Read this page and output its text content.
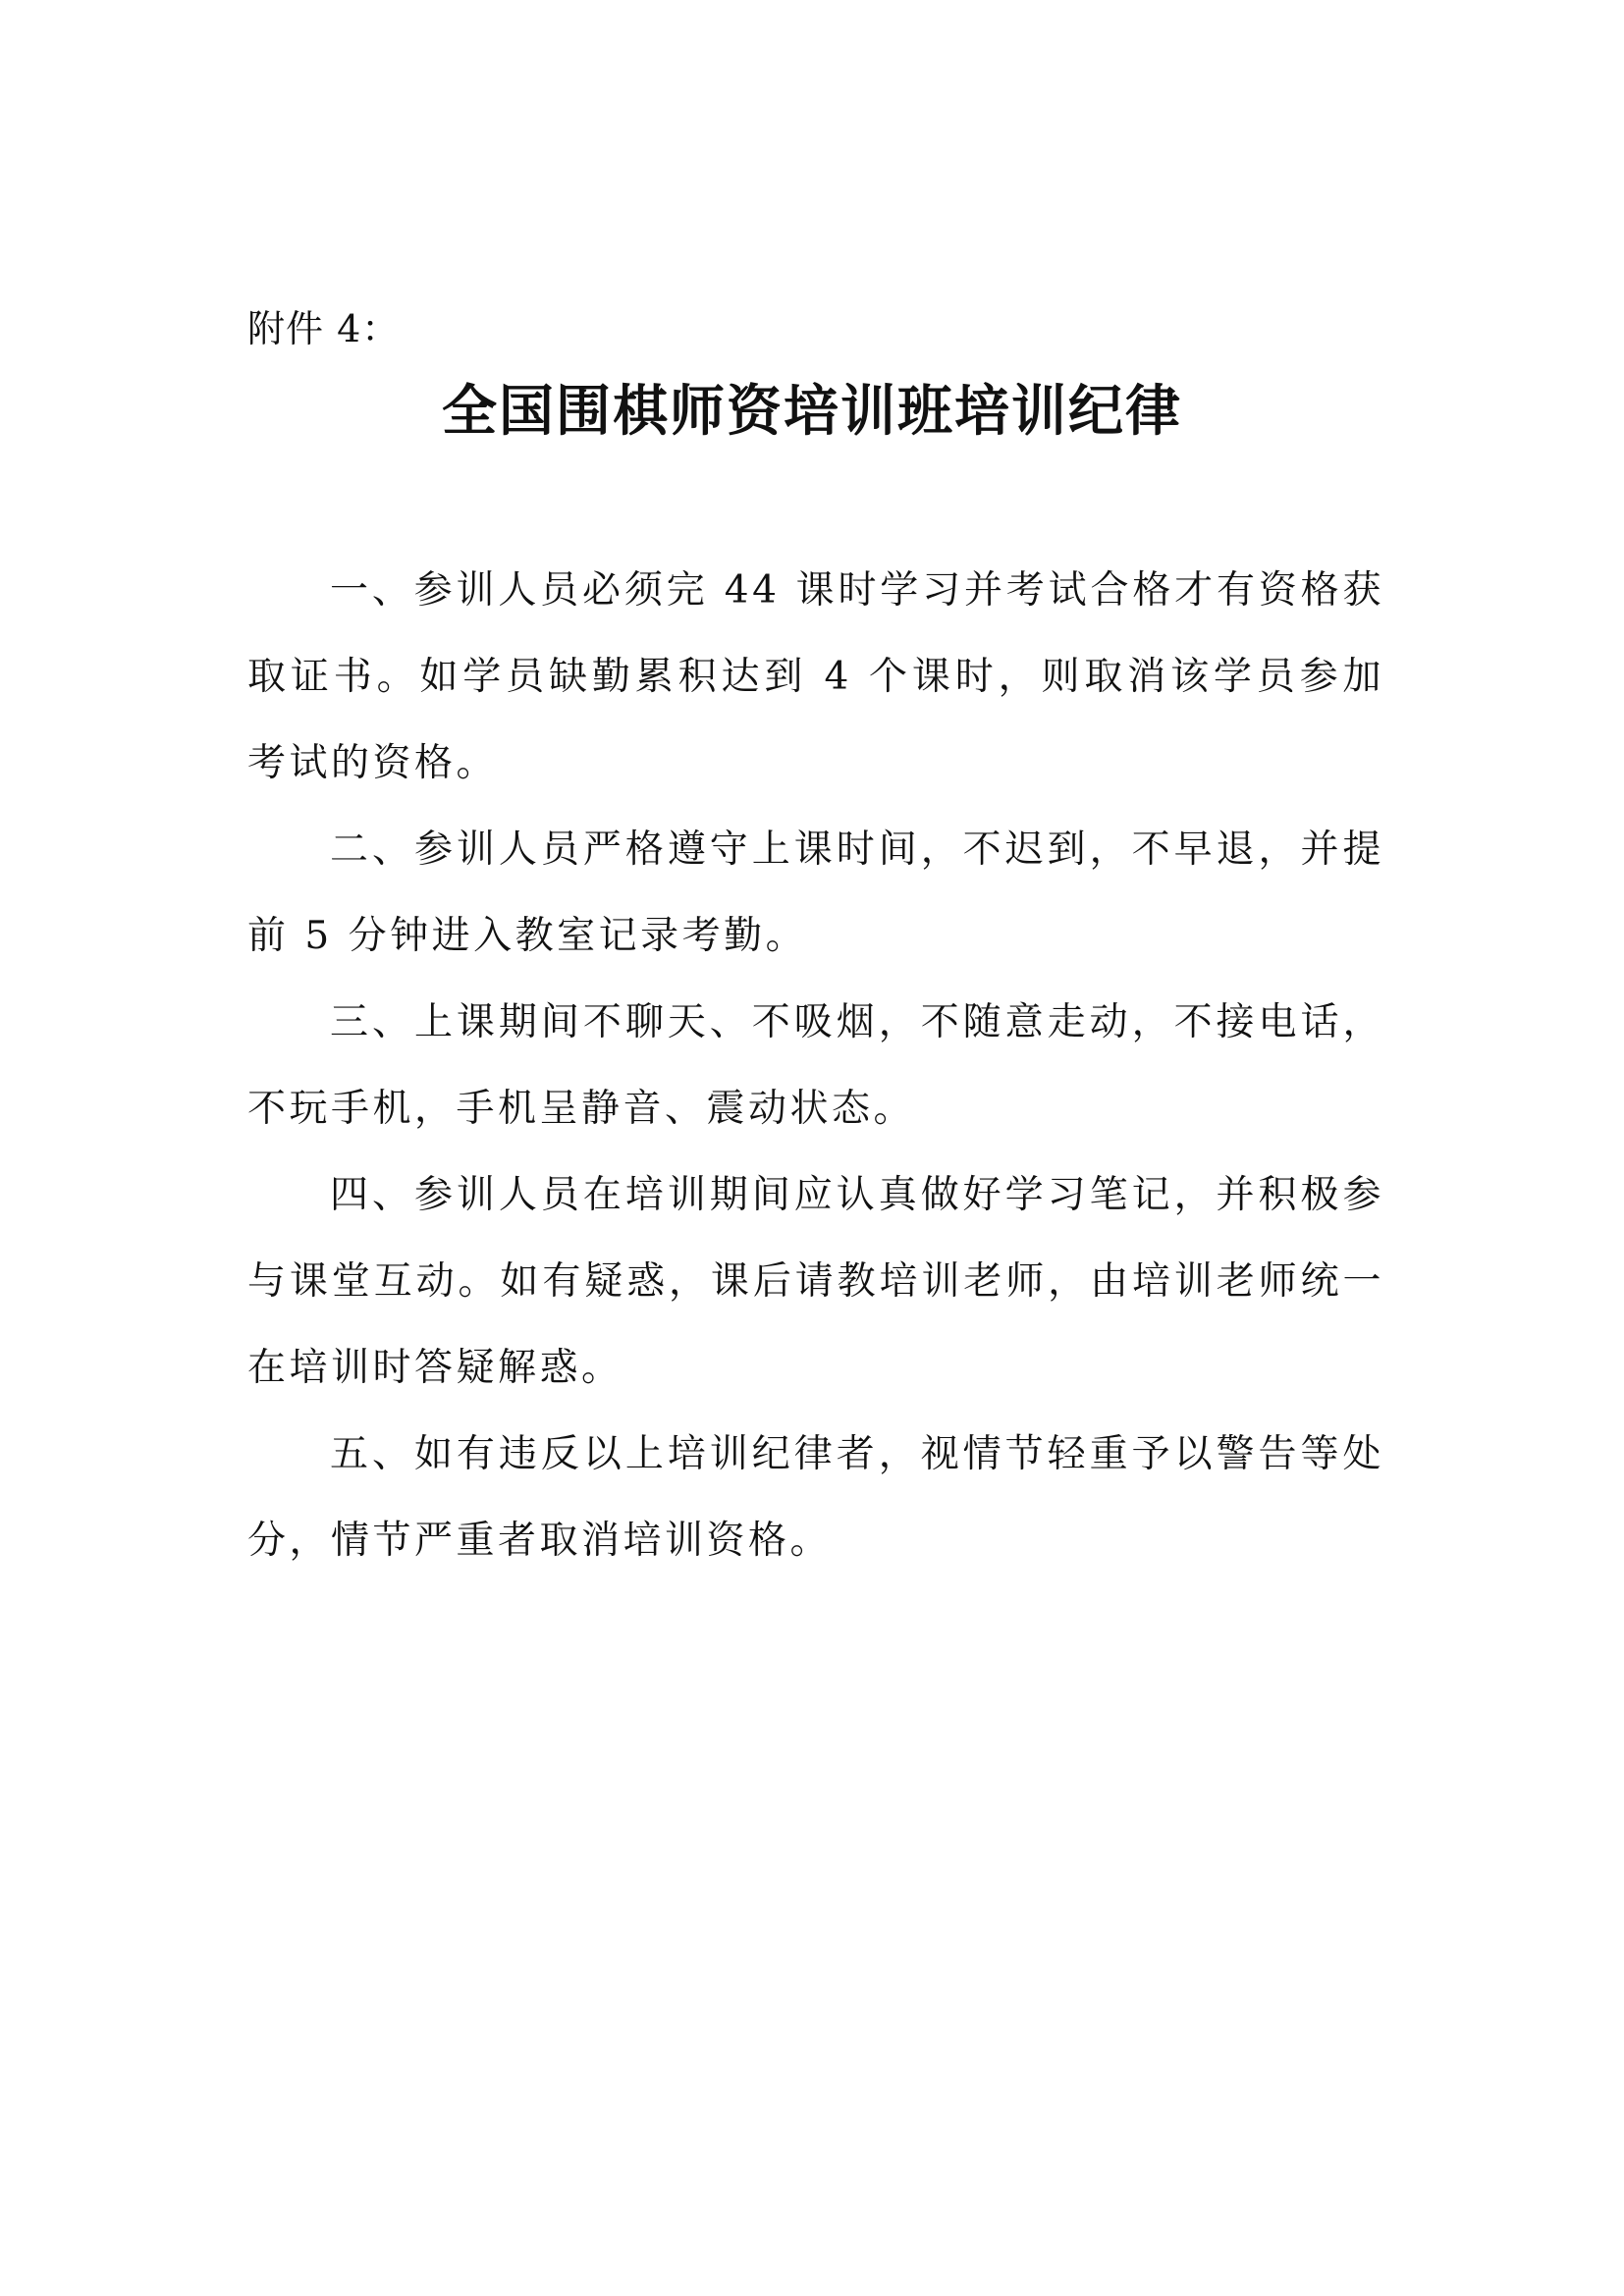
附件 4：
全国围棋师资培训班培训纪律

一、参训人员必须完 44 课时学习并考试合格才有资格获取证书。如学员缺勤累积达到 4 个课时，则取消该学员参加考试的资格。

二、参训人员严格遵守上课时间，不迟到，不早退，并提前 5 分钟进入教室记录考勤。

三、上课期间不聊天、不吸烟，不随意走动，不接电话，不玩手机，手机呈静音、震动状态。

四、参训人员在培训期间应认真做好学习笔记，并积极参与课堂互动。如有疑惑，课后请教培训老师，由培训老师统一在培训时答疑解惑。

五、如有违反以上培训纪律者，视情节轻重予以警告等处分，情节严重者取消培训资格。
